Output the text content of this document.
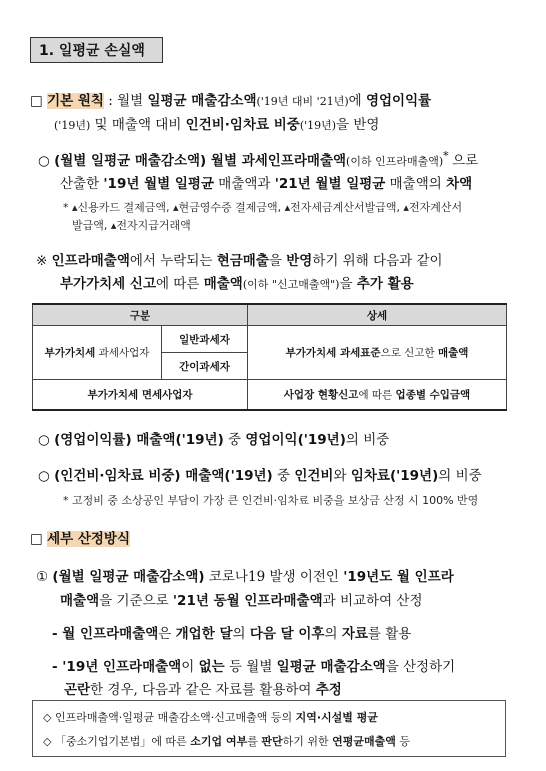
1. 일평균 손실액
□ 기본 원칙 : 월별 일평균 매출감소액('19년 대비 '21년)에 영업이익률
('19년) 및 매출액 대비 인건비·임차료 비중('19년)을 반영
○ (월별 일평균 매출감소액) 월별 과세인프라매출액(이하 인프라매출액)* 으로
산출한 '19년 월별 일평균 매출액과 '21년 월별 일평균 매출액의 차액
* ▴신용카드 결제금액, ▴현금영수증 결제금액, ▴전자세금계산서발급액, ▴전자계산서
발급액, ▴전자지급거래액
※ 인프라매출액에서 누락되는 현금매출을 반영하기 위해 다음과 같이
부가가치세 신고에 따른 매출액(이하 "신고매출액")을 추가 활용
구분		상세
부가가치세 과세사업자	일반과세자	부가가치세 과세표준으로 신고한 매출액
	간이과세자	
부가가치세 면세사업자		사업장 현황신고에 따른 업종별 수입금액
○ (영업이익률) 매출액('19년) 중 영업이익('19년)의 비중
○ (인건비·임차료 비중) 매출액('19년) 중 인건비와 임차료('19년)의 비중
* 고정비 중 소상공인 부담이 가장 큰 인건비·임차료 비중을 보상금 산정 시 100% 반영
□ 세부 산정방식
① (월별 일평균 매출감소액) 코로나19 발생 이전인 '19년도 월 인프라
매출액을 기준으로 '21년 동월 인프라매출액과 비교하여 산정
- 월 인프라매출액은 개업한 달의 다음 달 이후의 자료를 활용
- '19년 인프라매출액이 없는 등 월별 일평균 매출감소액을 산정하기
곤란한 경우, 다음과 같은 자료를 활용하여 추정
◇ 인프라매출액·일평균 매출감소액·신고매출액 등의 지역·시설별 평균
◇ 「중소기업기본법」에 따른 소기업 여부를 판단하기 위한 연평균매출액 등
